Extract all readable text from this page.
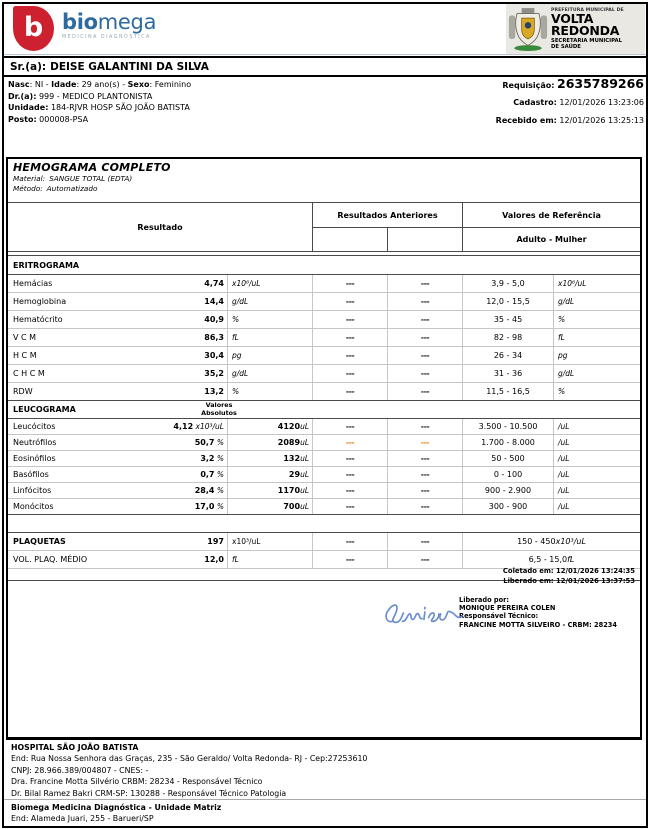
b biomega
MEDICINA DIAGNÓSTICA
PREFEITURA MUNICIPAL DE
VOLTA
REDONDA
SECRETARIA MUNICIPAL
DE SAÚDE
Sr.(a): DEISE GALANTINI DA SILVA
Nasc: NI - Idade: 29 ano(s) - Sexo: Feminino
Dr.(a): 999 - MEDICO PLANTONISTA
Unidade: 184-RJVR HOSP SÃO JOÃO BATISTA
Posto: 000008-PSA
Requisição: 2635789266
Cadastro: 12/01/2026 13:23:06
Recebido em: 12/01/2026 13:25:13
HEMOGRAMA COMPLETO
Material: SANGUE TOTAL (EDTA)
Método: Automatizado
Resultado
Resultados Anteriores	Valores de Referência
Adulto - Mulher
ERITROGRAMA
Hemácias	4,74 x10⁶/uL	---	---	3,9 - 5,0	x10⁶/uL
Hemoglobina	14,4 g/dL	---	---	12,0 - 15,5	g/dL
Hematócrito	40,9 %	---	---	35 - 45	%
V C M	86,3 fL	---	---	82 - 98	fL
H C M	30,4 pg	---	---	26 - 34	pg
C H C M	35,2 g/dL	---	---	31 - 36	g/dL
RDW	13,2 %	---	---	11,5 - 16,5	%
LEUCOGRAMA	Valores Absolutos
Leucócitos	4,12 x10³/uL	4120 uL	---	---	3.500 - 10.500	/uL
Neutrófilos	50,7 %	2089 uL	---	---	1.700 - 8.000	/uL
Eosinófilos	3,2 %	132 uL	---	---	50 - 500	/uL
Basófilos	0,7 %	29 uL	---	---	0 - 100	/uL
Linfócitos	28,4 %	1170 uL	---	---	900 - 2.900	/uL
Monócitos	17,0 %	700 uL	---	---	300 - 900	/uL
PLAQUETAS	197 x10³/uL	---	---	150 - 450 x10³/uL
VOL. PLAQ. MÉDIO	12,0 fL	---	---	6,5 - 15,0 fL
Coletado em: 12/01/2026 13:24:35
Liberado em: 12/01/2026 13:37:53
Liberado por:
MONIQUE PEREIRA COLEN
Responsável Técnico:
FRANCINE MOTTA SILVEIRO - CRBM: 28234
HOSPITAL SÃO JOÃO BATISTA
End: Rua Nossa Senhora das Graças, 235 - São Geraldo/ Volta Redonda- RJ - Cep:27253610
CNPJ: 28.966.389/004807 - CNES: -
Dra. Francine Motta Silvério CRBM: 28234 - Responsável Técnico
Dr. Bilal Ramez Bakri CRM-SP: 130288 - Responsável Técnico Patologia
Biomega Medicina Diagnóstica - Unidade Matriz
End: Alameda Juari, 255 - Barueri/SP
